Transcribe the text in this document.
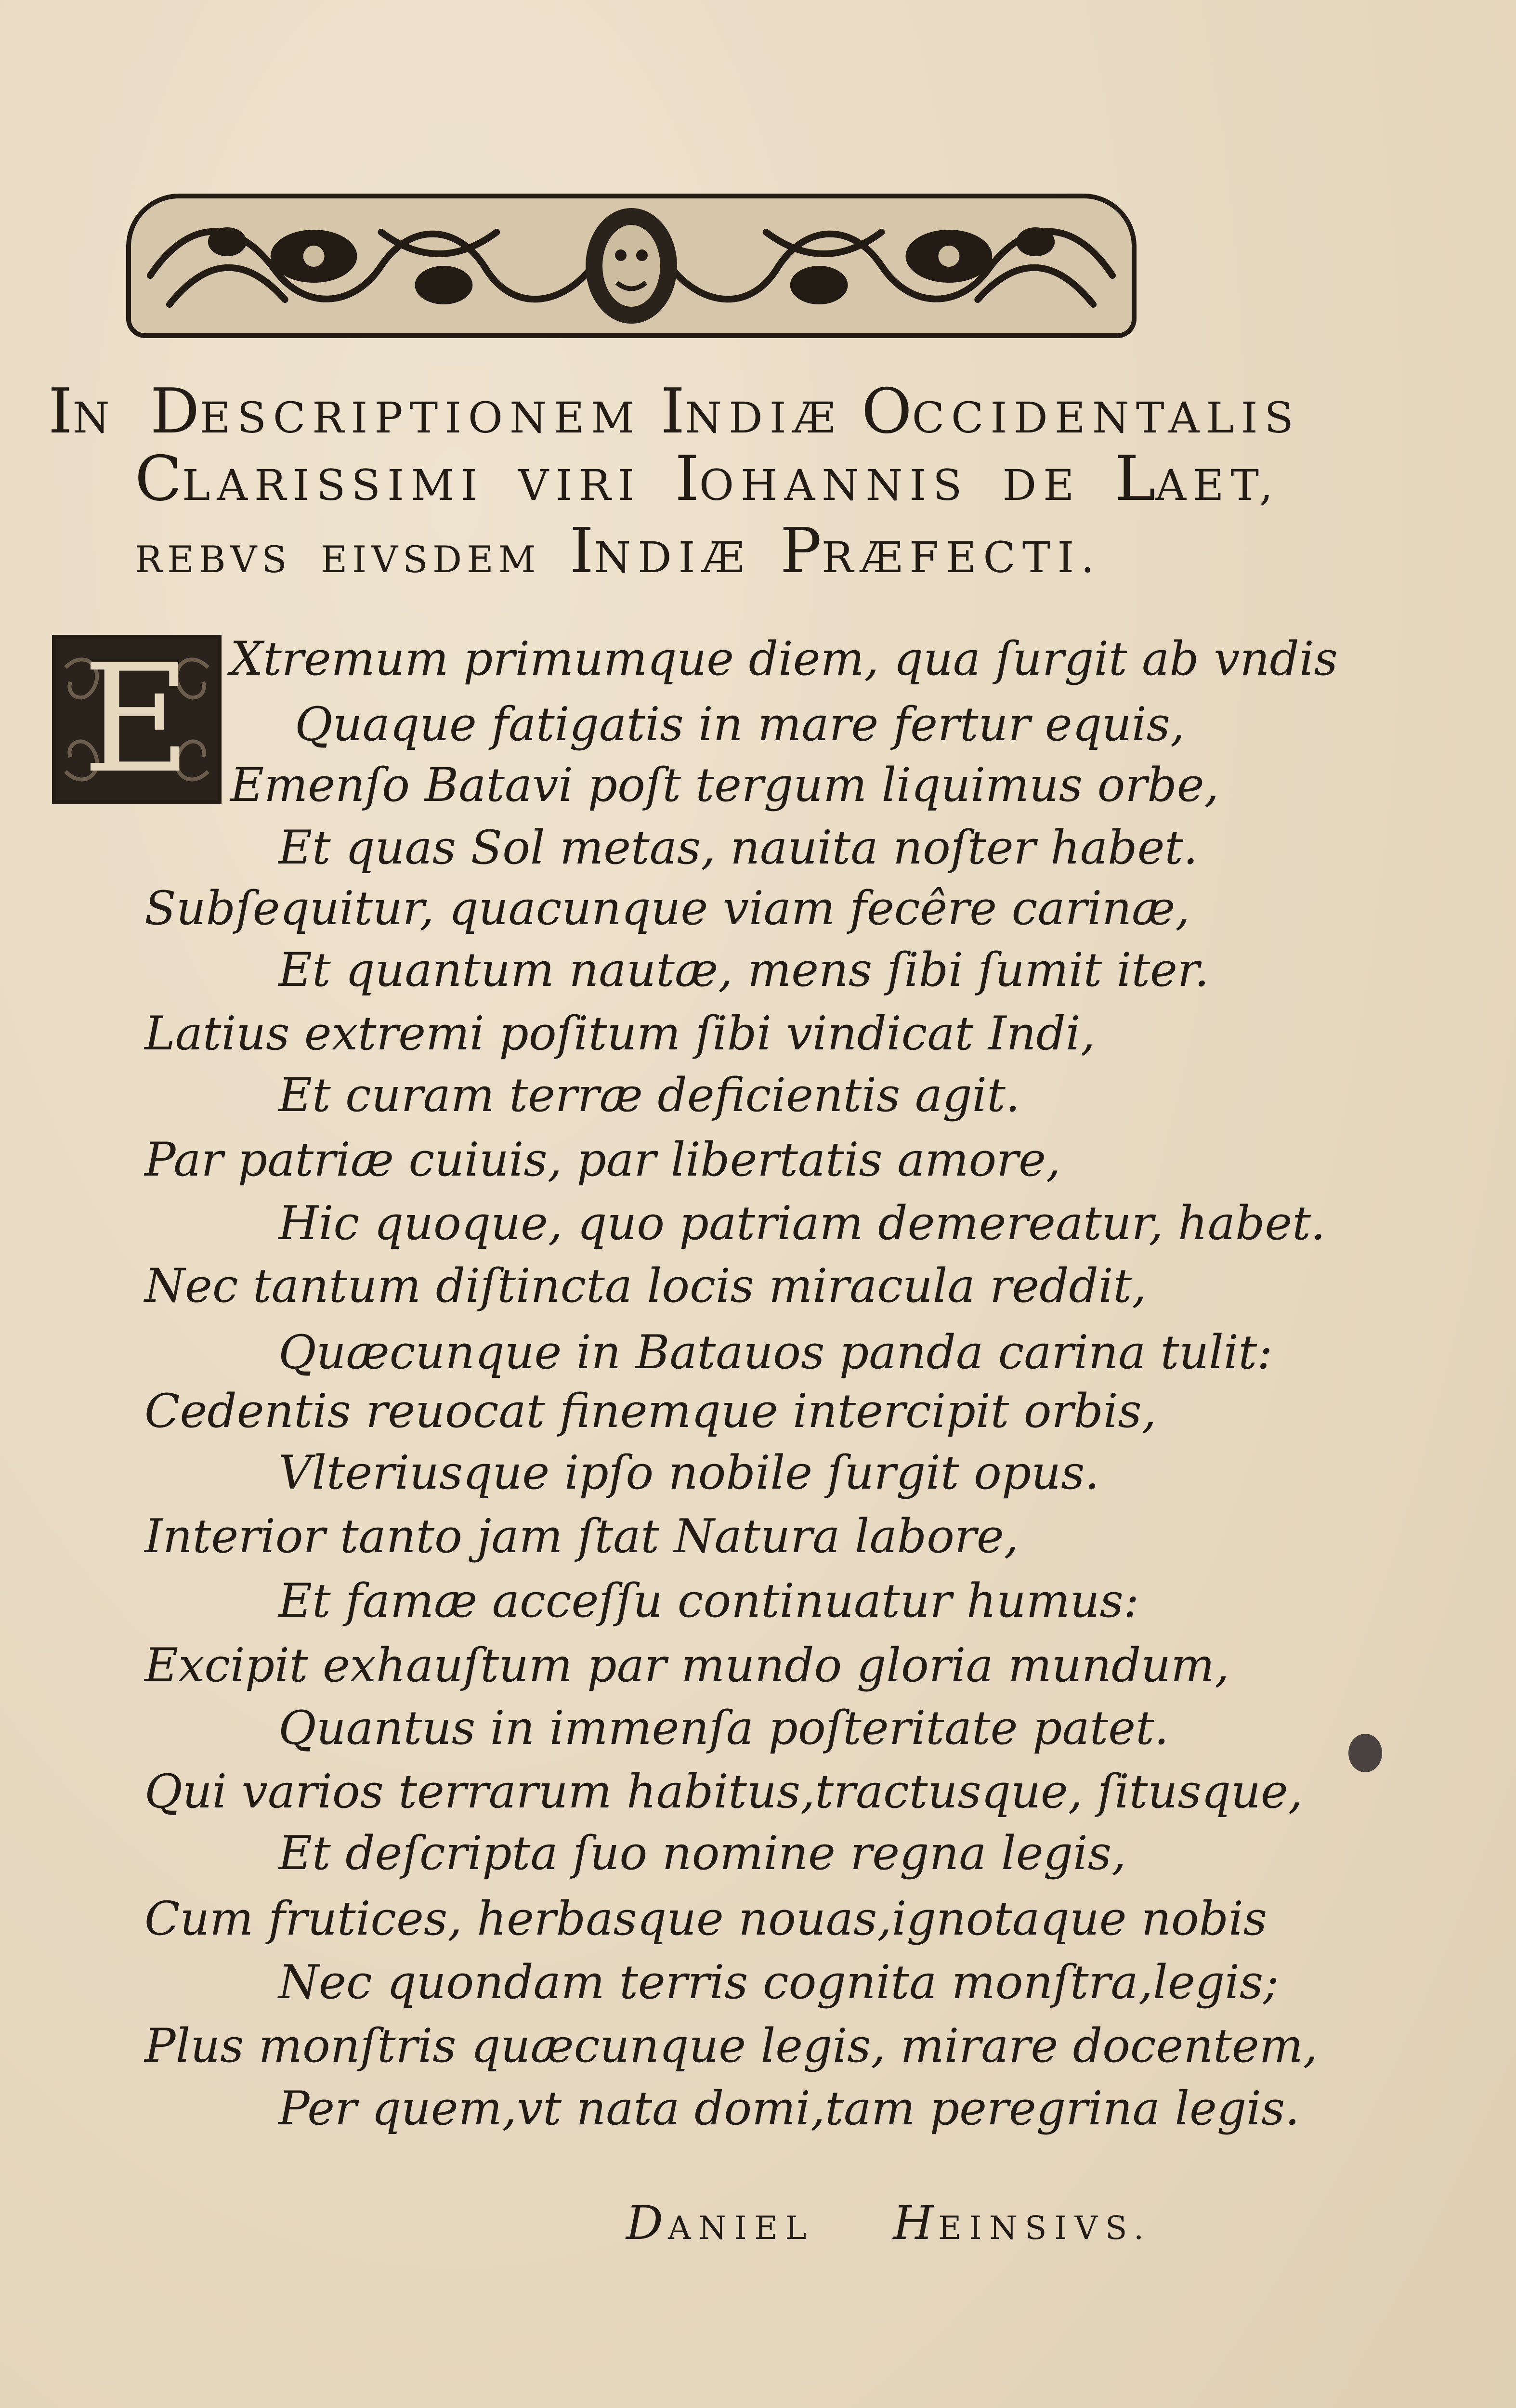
IN DESCRIPTIONEM INDIÆ OCCIDENTALIS
CLARISSIMI VIRI IOHANNIS DE LAET,
REBVS EIVSDEM INDIÆ PRÆFECTI.
E Xtremum primumque diem, qua ſurgit ab vndis
Quaque fatigatis in mare fertur equis,
Emenſo Batavi poſt tergum liquimus orbe,
Et quas Sol metas, nauita noſter habet.
Subſequitur, quacunque viam fecêre carinæ,
Et quantum nautæ, mens ſibi ſumit iter.
Latius extremi poſitum ſibi vindicat Indi,
Et curam terræ deficientis agit.
Par patriæ cuiuis, par libertatis amore,
Hic quoque, quo patriam demereatur, habet.
Nec tantum diſtincta locis miracula reddit,
Quæcunque in Batauos panda carina tulit:
Cedentis reuocat finemque intercipit orbis,
Vlteriusque ipſo nobile ſurgit opus.
Interior tanto jam ſtat Natura labore,
Et famæ acceſſu continuatur humus:
Excipit exhauſtum par mundo gloria mundum,
Quantus in immenſa poſteritate patet.
Qui varios terrarum habitus,tractusque, ſitusque,
Et deſcripta ſuo nomine regna legis,
Cum frutices, herbasque nouas,ignotaque nobis
Nec quondam terris cognita monſtra,legis;
Plus monſtris quæcunque legis, mirare docentem,
Per quem,vt nata domi,tam peregrina legis.
DANIEL HEINSIVS.
